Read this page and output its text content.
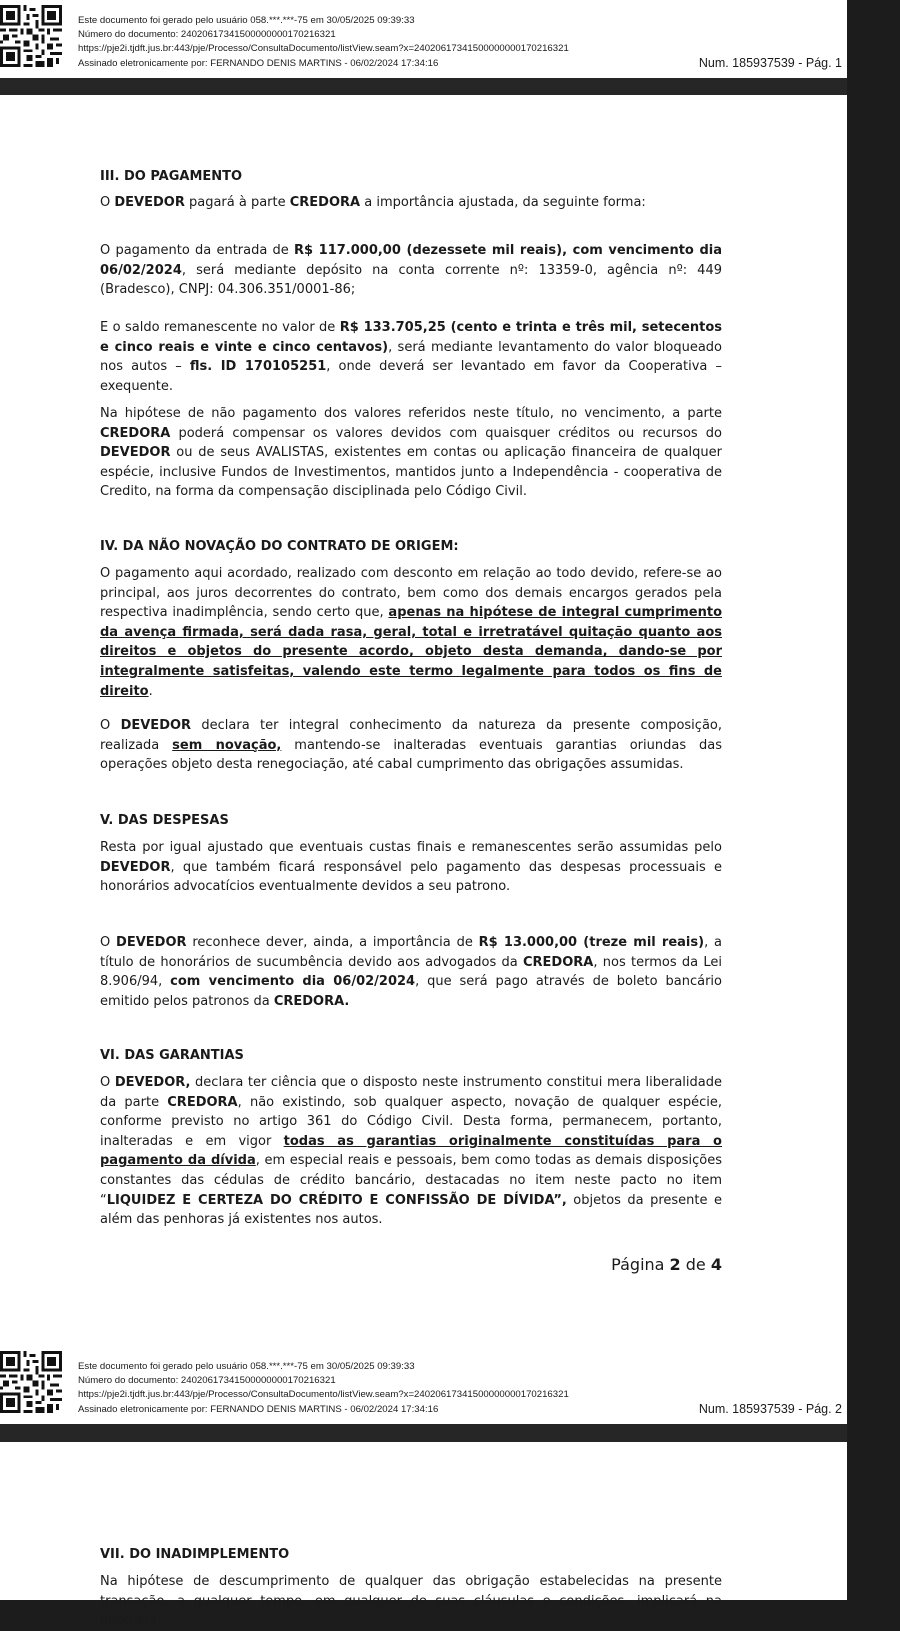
Este documento foi gerado pelo usuário 058.***.***-75 em 30/05/2025 09:39:33
Número do documento: 24020617341500000000170216321
https://pje2i.tjdft.jus.br:443/pje/Processo/ConsultaDocumento/listView.seam?x=24020617341500000000170216321
Assinado eletronicamente por: FERNANDO DENIS MARTINS - 06/02/2024 17:34:16	Num. 185937539 - Pág. 1
III. DO PAGAMENTO

O DEVEDOR pagará à parte CREDORA a importância ajustada, da seguinte forma:

O pagamento da entrada de R$ 117.000,00 (dezessete mil reais), com vencimento dia 06/02/2024, será mediante depósito na conta corrente nº: 13359-0, agência nº: 449 (Bradesco), CNPJ: 04.306.351/0001-86;

E o saldo remanescente no valor de R$ 133.705,25 (cento e trinta e três mil, setecentos e cinco reais e vinte e cinco centavos), será mediante levantamento do valor bloqueado nos autos – fls. ID 170105251, onde deverá ser levantado em favor da Cooperativa – exequente.

Na hipótese de não pagamento dos valores referidos neste título, no vencimento, a parte CREDORA poderá compensar os valores devidos com quaisquer créditos ou recursos do DEVEDOR ou de seus AVALISTAS, existentes em contas ou aplicação financeira de qualquer espécie, inclusive Fundos de Investimentos, mantidos junto a Independência - cooperativa de Credito, na forma da compensação disciplinada pelo Código Civil.

IV. DA NÃO NOVAÇÃO DO CONTRATO DE ORIGEM:

O pagamento aqui acordado, realizado com desconto em relação ao todo devido, refere-se ao principal, aos juros decorrentes do contrato, bem como dos demais encargos gerados pela respectiva inadimplência, sendo certo que, apenas na hipótese de integral cumprimento da avença firmada, será dada rasa, geral, total e irretratável quitação quanto aos direitos e objetos do presente acordo, objeto desta demanda, dando-se por integralmente satisfeitas, valendo este termo legalmente para todos os fins de direito.

O DEVEDOR declara ter integral conhecimento da natureza da presente composição, realizada sem novação, mantendo-se inalteradas eventuais garantias oriundas das operações objeto desta renegociação, até cabal cumprimento das obrigações assumidas.

V. DAS DESPESAS

Resta por igual ajustado que eventuais custas finais e remanescentes serão assumidas pelo DEVEDOR, que também ficará responsável pelo pagamento das despesas processuais e honorários advocatícios eventualmente devidos a seu patrono.

O DEVEDOR reconhece dever, ainda, a importância de R$ 13.000,00 (treze mil reais), a título de honorários de sucumbência devido aos advogados da CREDORA, nos termos da Lei 8.906/94, com vencimento dia 06/02/2024, que será pago através de boleto bancário emitido pelos patronos da CREDORA.

VI. DAS GARANTIAS

O DEVEDOR, declara ter ciência que o disposto neste instrumento constitui mera liberalidade da parte CREDORA, não existindo, sob qualquer aspecto, novação de qualquer espécie, conforme previsto no artigo 361 do Código Civil. Desta forma, permanecem, portanto, inalteradas e em vigor todas as garantias originalmente constituídas para o pagamento da dívida, em especial reais e pessoais, bem como todas as demais disposições constantes das cédulas de crédito bancário, destacadas no item neste pacto no item “LIQUIDEZ E CERTEZA DO CRÉDITO E CONFISSÃO DE DÍVIDA”, objetos da presente e além das penhoras já existentes nos autos.

Página 2 de 4
Este documento foi gerado pelo usuário 058.***.***-75 em 30/05/2025 09:39:33
Número do documento: 24020617341500000000170216321
https://pje2i.tjdft.jus.br:443/pje/Processo/ConsultaDocumento/listView.seam?x=24020617341500000000170216321
Assinado eletronicamente por: FERNANDO DENIS MARTINS - 06/02/2024 17:34:16	Num. 185937539 - Pág. 2
VII. DO INADIMPLEMENTO

Na hipótese de descumprimento de qualquer das obrigação estabelecidas na presente transação, a qualquer tempo, em qualquer de suas cláusulas e condições, implicará na imediata
